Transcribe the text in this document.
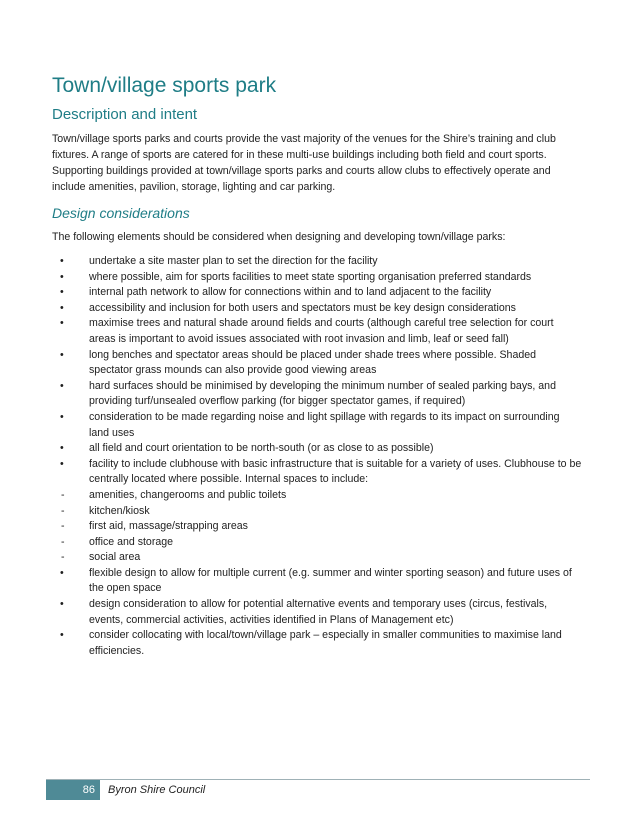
Town/village sports park
Description and intent

Town/village sports parks and courts provide the vast majority of the venues for the Shire’s training and club fixtures. A range of sports are catered for in these multi-use buildings including both field and court sports. Supporting buildings provided at town/village sports parks and courts allow clubs to effectively operate and include amenities, pavilion, storage, lighting and car parking.

Design considerations

The following elements should be considered when designing and developing town/village parks:

•	undertake a site master plan to set the direction for the facility
•	where possible, aim for sports facilities to meet state sporting organisation preferred standards
•	internal path network to allow for connections within and to land adjacent to the facility
•	accessibility and inclusion for both users and spectators must be key design considerations
•	maximise trees and natural shade around fields and courts (although careful tree selection for court areas is important to avoid issues associated with root invasion and limb, leaf or seed fall)
•	long benches and spectator areas should be placed under shade trees where possible. Shaded spectator grass mounds can also provide good viewing areas
•	hard surfaces should be minimised by developing the minimum number of sealed parking bays, and providing turf/unsealed overflow parking (for bigger spectator games, if required)
•	consideration to be made regarding noise and light spillage with regards to its impact on surrounding land uses
•	all field and court orientation to be north-south (or as close to as possible)
•	facility to include clubhouse with basic infrastructure that is suitable for a variety of uses. Clubhouse to be centrally located where possible. Internal spaces to include:
-	amenities, changerooms and public toilets
-	kitchen/kiosk
-	first aid, massage/strapping areas
-	office and storage
-	social area
•	flexible design to allow for multiple current (e.g. summer and winter sporting season) and future uses of the open space
•	design consideration to allow for potential alternative events and temporary uses (circus, festivals, events, commercial activities, activities identified in Plans of Management etc)
•	consider collocating with local/town/village park – especially in smaller communities to maximise land efficiencies.
86	Byron Shire Council
